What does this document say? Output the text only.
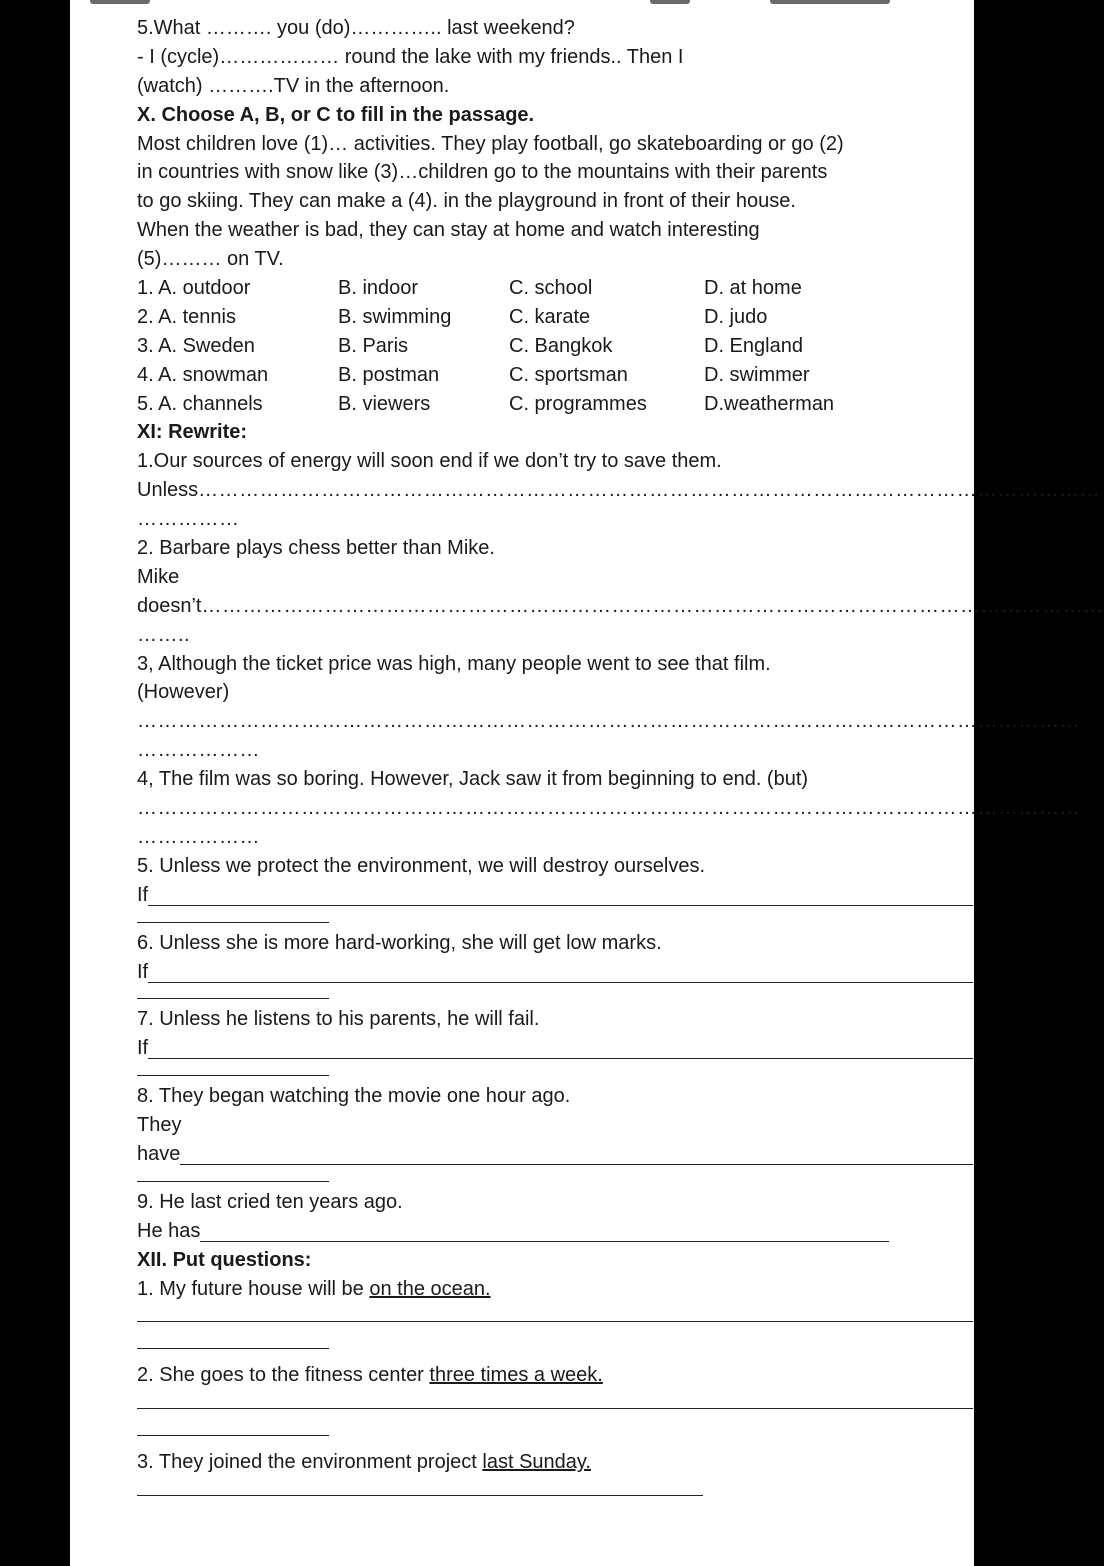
5.What ………. you (do)………….. last weekend?
- I (cycle)……………… round the lake with my friends.. Then I
(watch) ……….TV in the afternoon.
X. Choose A, B, or C to fill in the passage.
Most children love (1)… activities. They play football, go skateboarding or go (2)
in countries with snow like (3)…children go to the mountains with their parents
to go skiing. They can make a (4). in the playground in front of their house.
When the weather is bad, they can stay at home and watch interesting
(5)……… on TV.
1. A. outdoor	B. indoor	C. school	D. at home
2. A. tennis	B. swimming	C. karate	D. judo
3. A. Sweden	B. Paris	C. Bangkok	D. England
4. A. snowman	B. postman	C. sportsman	D. swimmer
5. A. channels	B. viewers	C. programmes	D.weatherman
XI: Rewrite:
1.Our sources of energy will soon end if we don’t try to save them.
Unless……………………………………………………………………………………………………………………
……………
2. Barbare plays chess better than Mike.
Mike
doesn’t……………………………………………………………………………………………………………………
……..
3, Although the ticket price was high, many people went to see that film.
(However)
…………………………………………………………………………………………………………………………
………………
4, The film was so boring. However, Jack saw it from beginning to end. (but)
…………………………………………………………………………………………………………………………
………………
5. Unless we protect the environment, we will destroy ourselves.
If
6. Unless she is more hard-working, she will get low marks.
If
7. Unless he listens to his parents, he will fail.
If
8. They began watching the movie one hour ago.
They
have
9. He last cried ten years ago.
He has
XII. Put questions:
1. My future house will be on the ocean.
2. She goes to the fitness center three times a week.
3. They joined the environment project last Sunday.
